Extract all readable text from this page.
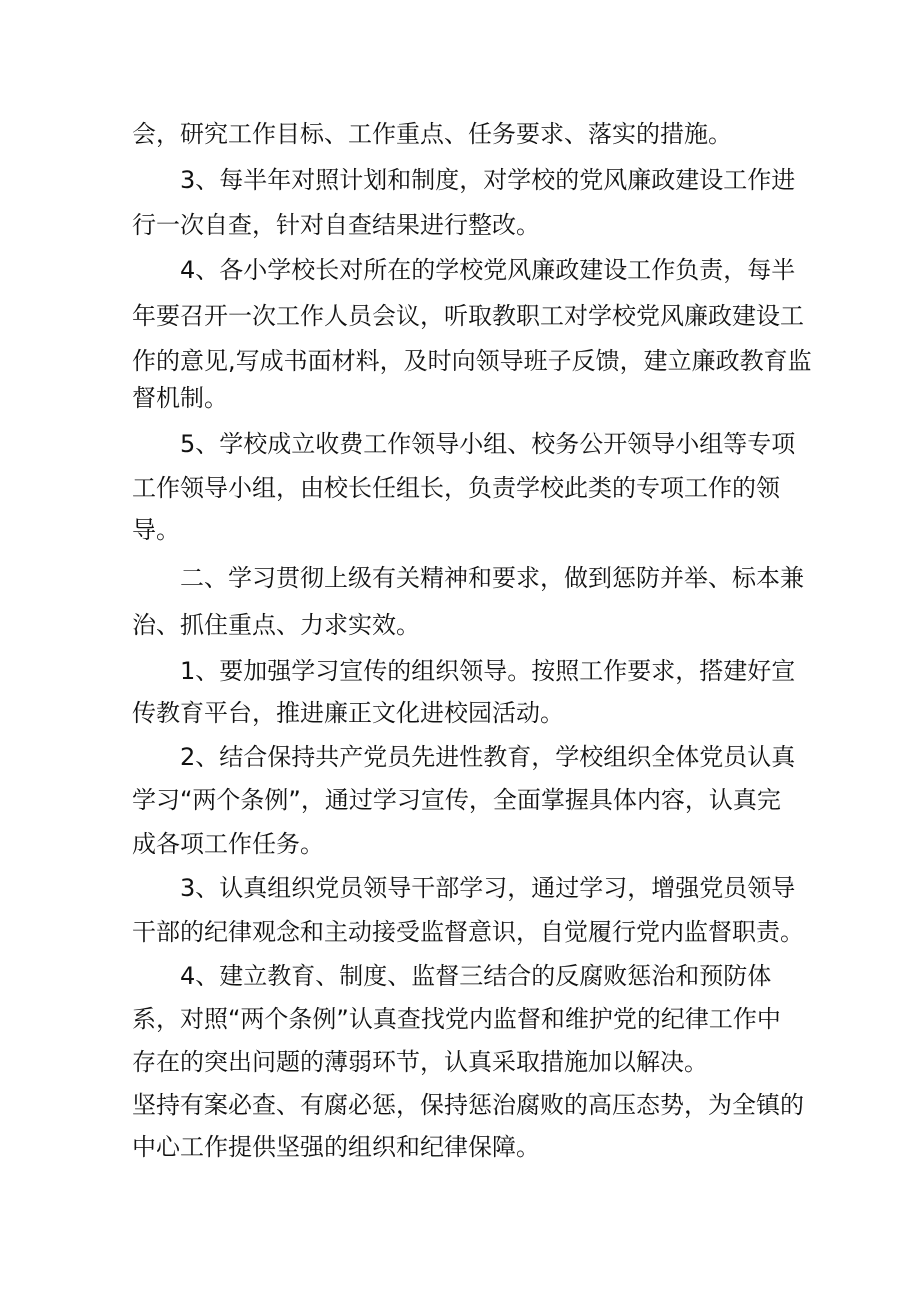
会，研究工作目标、工作重点、任务要求、落实的措施。
3、每半年对照计划和制度，对学校的党风廉政建设工作进
行一次自查，针对自查结果进行整改。
4、各小学校长对所在的学校党风廉政建设工作负责，每半
年要召开一次工作人员会议，听取教职工对学校党风廉政建设工
作的意见,写成书面材料，及时向领导班子反馈，建立廉政教育监
督机制。
5、学校成立收费工作领导小组、校务公开领导小组等专项
工作领导小组，由校长任组长，负责学校此类的专项工作的领
导。
二、学习贯彻上级有关精神和要求，做到惩防并举、标本兼
治、抓住重点、力求实效。
1、要加强学习宣传的组织领导。按照工作要求，搭建好宣
传教育平台，推进廉正文化进校园活动。
2、结合保持共产党员先进性教育，学校组织全体党员认真
学习“两个条例”，通过学习宣传，全面掌握具体内容，认真完
成各项工作任务。
3、认真组织党员领导干部学习，通过学习，增强党员领导
干部的纪律观念和主动接受监督意识，自觉履行党内监督职责。
4、建立教育、制度、监督三结合的反腐败惩治和预防体
系，对照“两个条例”认真查找党内监督和维护党的纪律工作中
存在的突出问题的薄弱环节，认真采取措施加以解决。
坚持有案必查、有腐必惩，保持惩治腐败的高压态势，为全镇的
中心工作提供坚强的组织和纪律保障。
